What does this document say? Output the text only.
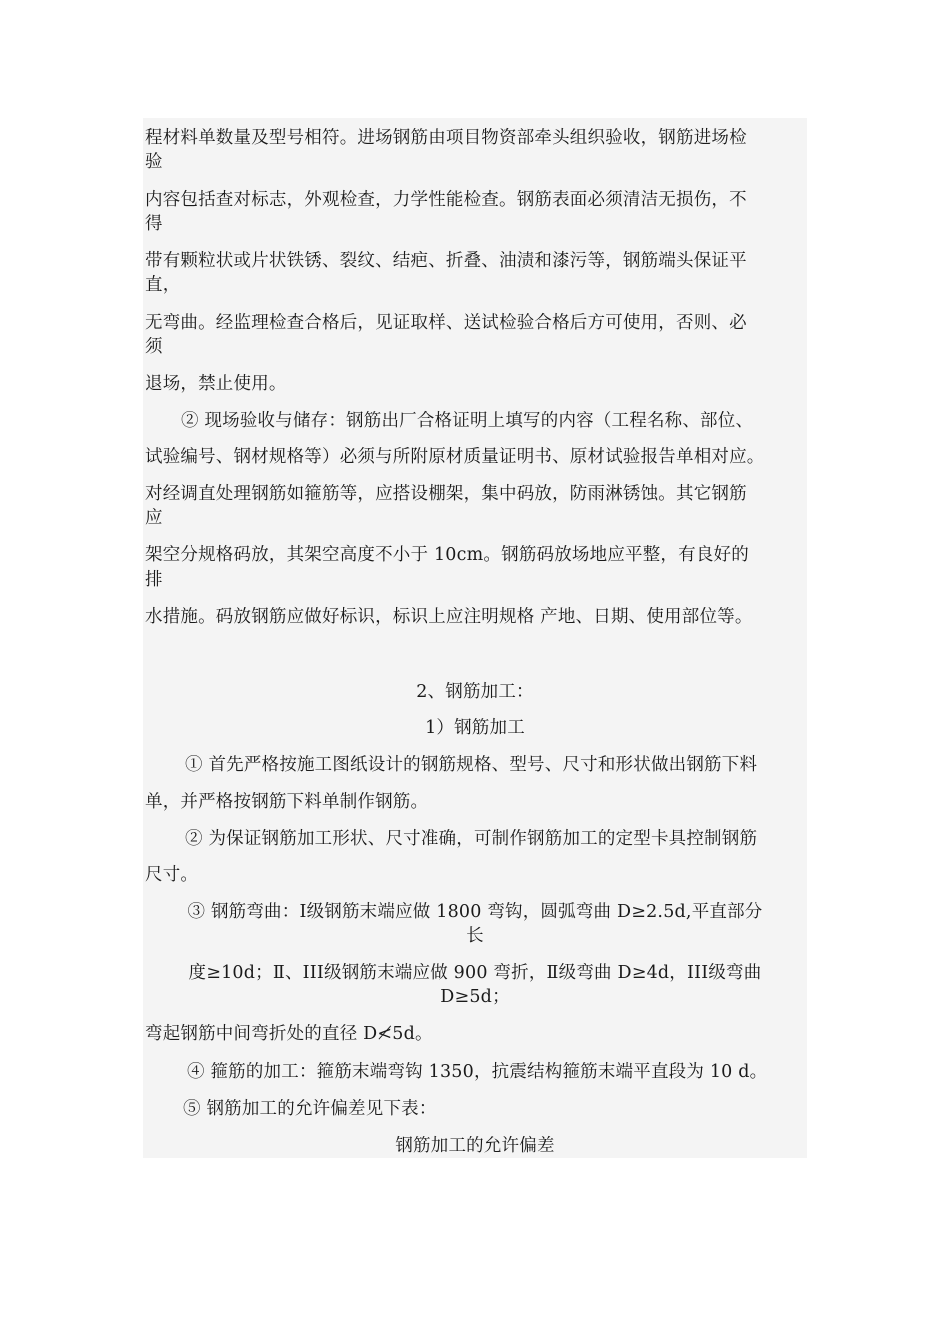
程材料单数量及型号相符。进场钢筋由项目物资部牵头组织验收，钢筋进场检
验
内容包括查对标志，外观检查，力学性能检查。钢筋表面必须清洁无损伤，不
得
带有颗粒状或片状铁锈、裂纹、结疤、折叠、油渍和漆污等，钢筋端头保证平
直，
无弯曲。经监理检查合格后，见证取样、送试检验合格后方可使用，否则、必
须
退场，禁止使用。
② 现场验收与储存：钢筋出厂合格证明上填写的内容（工程名称、部位、
试验编号、钢材规格等）必须与所附原材质量证明书、原材试验报告单相对应。
对经调直处理钢筋如箍筋等，应搭设棚架，集中码放，防雨淋锈蚀。其它钢筋
应
架空分规格码放，其架空高度不小于 10cm。钢筋码放场地应平整，有良好的
排
水措施。码放钢筋应做好标识，标识上应注明规格 产地、日期、使用部位等。
2、钢筋加工：
1）钢筋加工
① 首先严格按施工图纸设计的钢筋规格、型号、尺寸和形状做出钢筋下料
单，并严格按钢筋下料单制作钢筋。
② 为保证钢筋加工形状、尺寸准确，可制作钢筋加工的定型卡具控制钢筋
尺寸。
③ 钢筋弯曲：Ⅰ级钢筋末端应做 1800 弯钩，圆弧弯曲 D≥2.5d,平直部分
长
度≥10d；Ⅱ、III级钢筋末端应做 900 弯折，Ⅱ级弯曲 D≥4d，III级弯曲
D≥5d；
弯起钢筋中间弯折处的直径 D≮5d。
④ 箍筋的加工：箍筋末端弯钩 1350，抗震结构箍筋末端平直段为 10 d。
⑤ 钢筋加工的允许偏差见下表：
钢筋加工的允许偏差
